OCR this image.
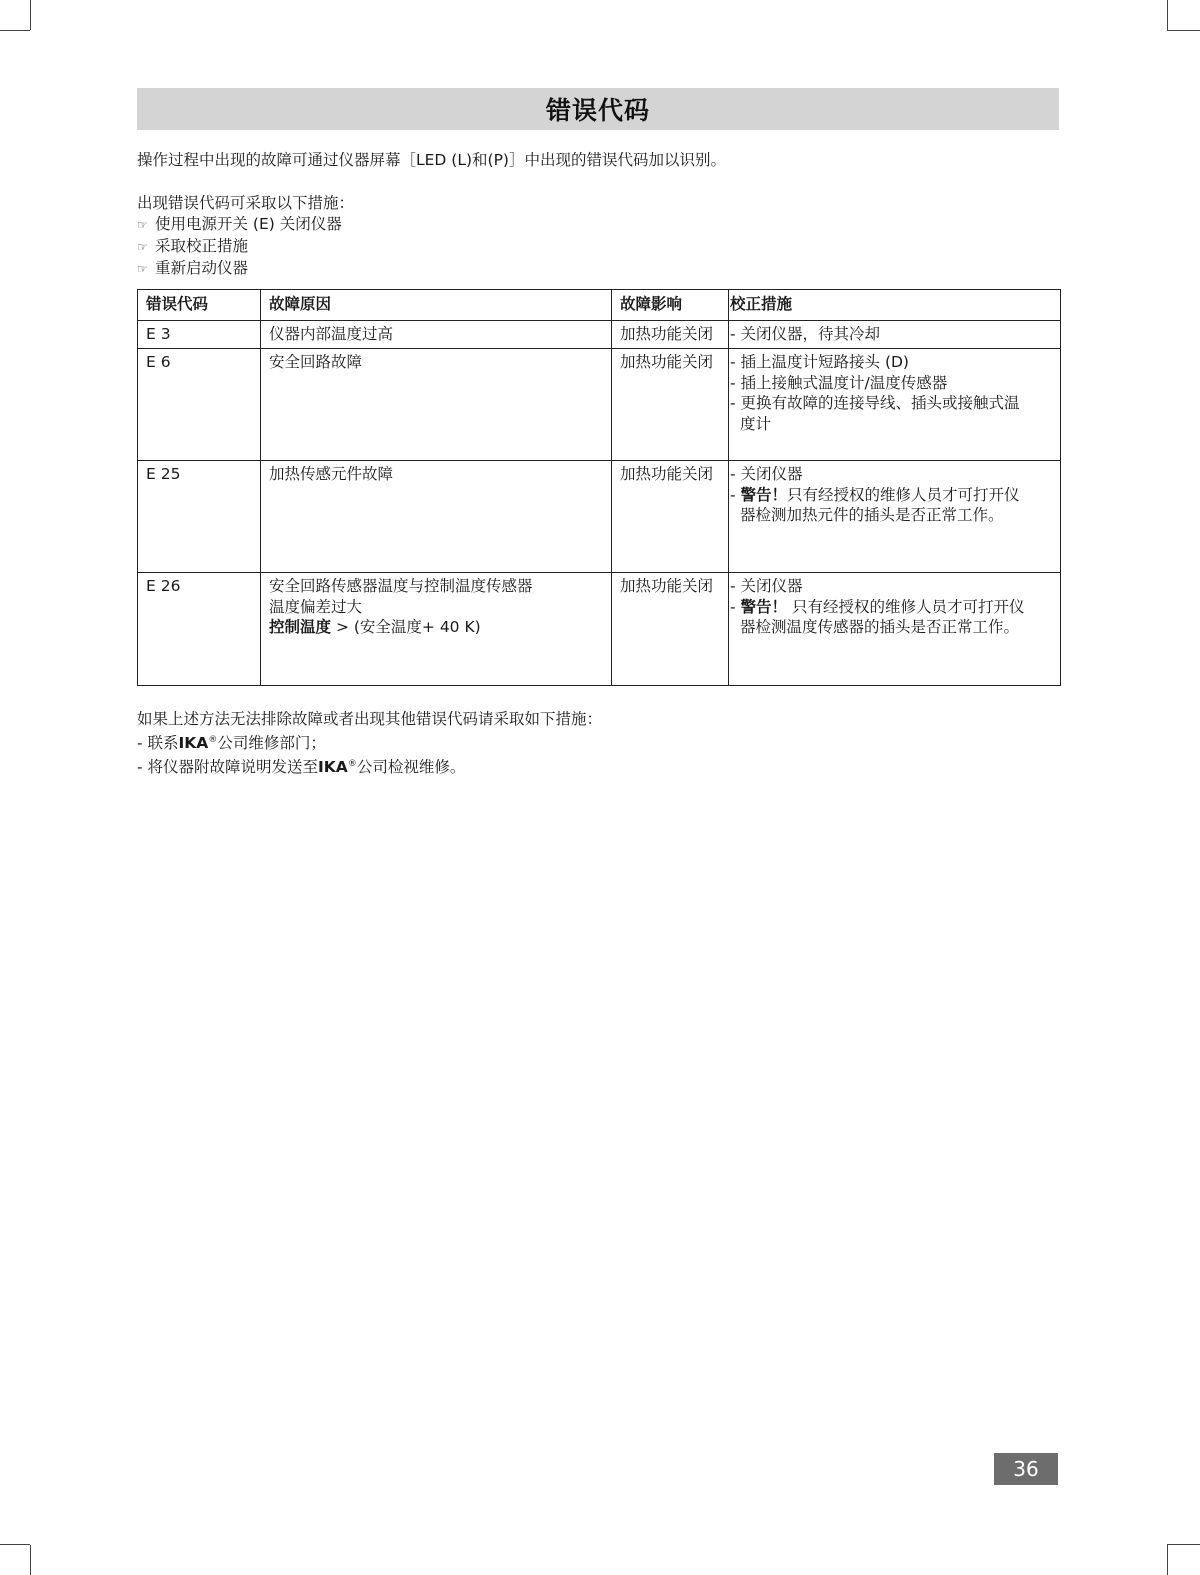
错误代码
操作过程中出现的故障可通过仪器屏幕［LED (L)和(P)］中出现的错误代码加以识别。
出现错误代码可采取以下措施：
☞ 使用电源开关 (E) 关闭仪器
☞ 采取校正措施
☞ 重新启动仪器
错误代码	故障原因	故障影响	校正措施
E 3	仪器内部温度过高	加热功能关闭	- 关闭仪器，待其冷却

E 6	安全回路故障	加热功能关闭	- 插上温度计短路接头 (D)
- 插上接触式温度计/温度传感器
- 更换有故障的连接导线、插头或接触式温
度计

E 25	加热传感元件故障	加热功能关闭	- 关闭仪器
- 警告！只有经授权的维修人员才可打开仪
器检测加热元件的插头是否正常工作。

E 26	安全回路传感器温度与控制温度传感器
温度偏差过大
控制温度 > (安全温度+ 40 K)	加热功能关闭	- 关闭仪器
- 警告！ 只有经授权的维修人员才可打开仪
器检测温度传感器的插头是否正常工作。
如果上述方法无法排除故障或者出现其他错误代码请采取如下措施：
- 联系IKA®公司维修部门；
- 将仪器附故障说明发送至IKA®公司检视维修。
36
